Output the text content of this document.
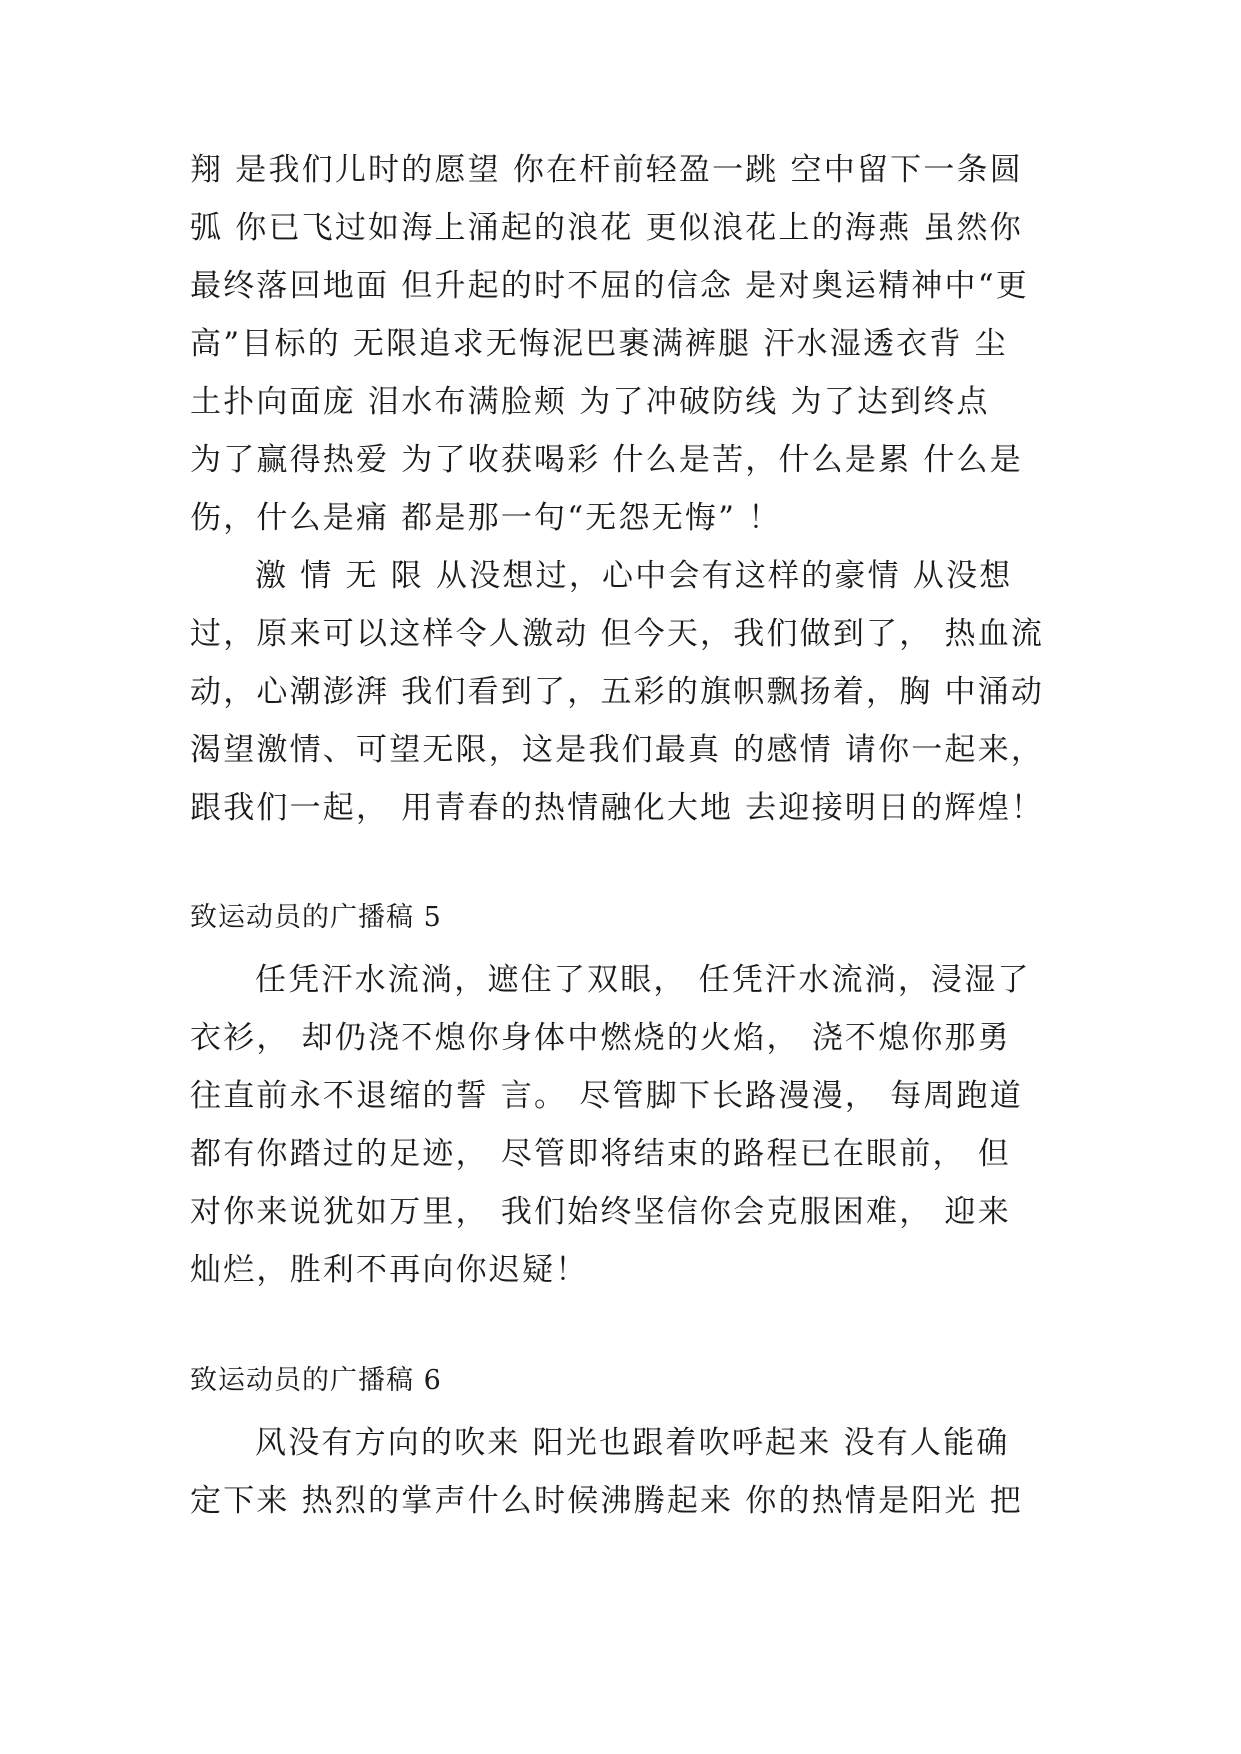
翔 是我们儿时的愿望 你在杆前轻盈一跳 空中留下一条圆
弧 你已飞过如海上涌起的浪花 更似浪花上的海燕 虽然你
最终落回地面 但升起的时不屈的信念 是对奥运精神中“更
高”目标的 无限追求无悔泥巴裹满裤腿 汗水湿透衣背 尘
土扑向面庞 泪水布满脸颊 为了冲破防线 为了达到终点
为了赢得热爱 为了收获喝彩 什么是苦，什么是累 什么是
伤，什么是痛 都是那一句“无怨无悔” ！
激 情 无 限 从没想过，心中会有这样的豪情 从没想
过，原来可以这样令人激动 但今天，我们做到了， 热血流
动，心潮澎湃 我们看到了，五彩的旗帜飘扬着，胸 中涌动
渴望激情、可望无限，这是我们最真 的感情 请你一起来，
跟我们一起， 用青春的热情融化大地 去迎接明日的辉煌！
致运动员的广播稿 5
任凭汗水流淌，遮住了双眼， 任凭汗水流淌，浸湿了
衣衫， 却仍浇不熄你身体中燃烧的火焰， 浇不熄你那勇
往直前永不退缩的誓 言。 尽管脚下长路漫漫， 每周跑道
都有你踏过的足迹， 尽管即将结束的路程已在眼前， 但
对你来说犹如万里， 我们始终坚信你会克服困难， 迎来
灿烂，胜利不再向你迟疑！
致运动员的广播稿 6
风没有方向的吹来 阳光也跟着吹呼起来 没有人能确
定下来 热烈的掌声什么时候沸腾起来 你的热情是阳光 把
